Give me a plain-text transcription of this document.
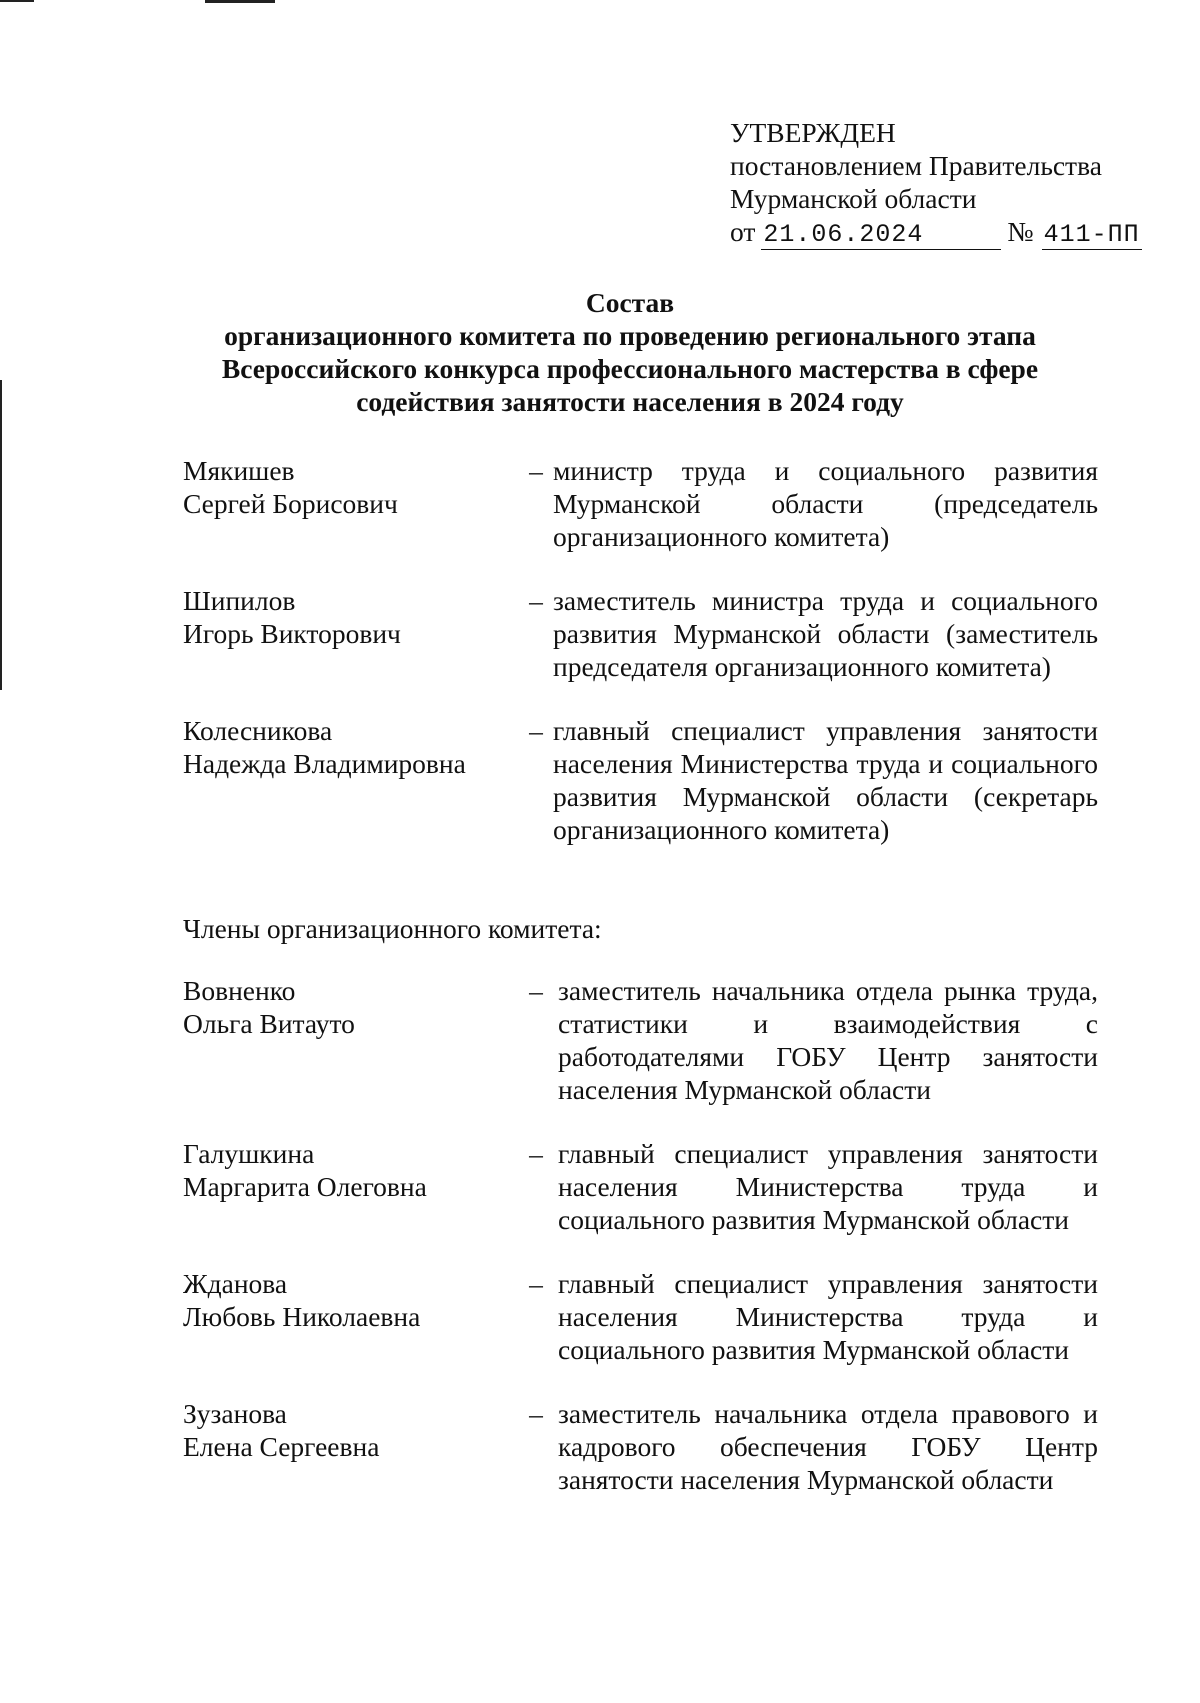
УТВЕРЖДЕН
постановлением Правительства
Мурманской области
от 21.06.2024	№ 411-ПП
Состав
организационного комитета по проведению регионального этапа
Всероссийского конкурса профессионального мастерства в сфере
содействия занятости населения в 2024 году
Мякишев
Сергей Борисович
– министр труда и социального развития Мурманской области (председатель организационного комитета)
Шипилов
Игорь Викторович
– заместитель министра труда и социального развития Мурманской области (заместитель председателя организационного комитета)
Колесникова
Надежда Владимировна
– главный специалист управления занятости населения Министерства труда и социального развития Мурманской области (секретарь организационного комитета)
Члены организационного комитета:
Вовненко
Ольга Витауто
– заместитель начальника отдела рынка труда, статистики и взаимодействия с работодателями ГОБУ Центр занятости населения Мурманской области
Галушкина
Маргарита Олеговна
– главный специалист управления занятости населения Министерства труда и социального развития Мурманской области
Жданова
Любовь Николаевна
– главный специалист управления занятости населения Министерства труда и социального развития Мурманской области
Зузанова
Елена Сергеевна
– заместитель начальника отдела правового и кадрового обеспечения ГОБУ Центр занятости населения Мурманской области
